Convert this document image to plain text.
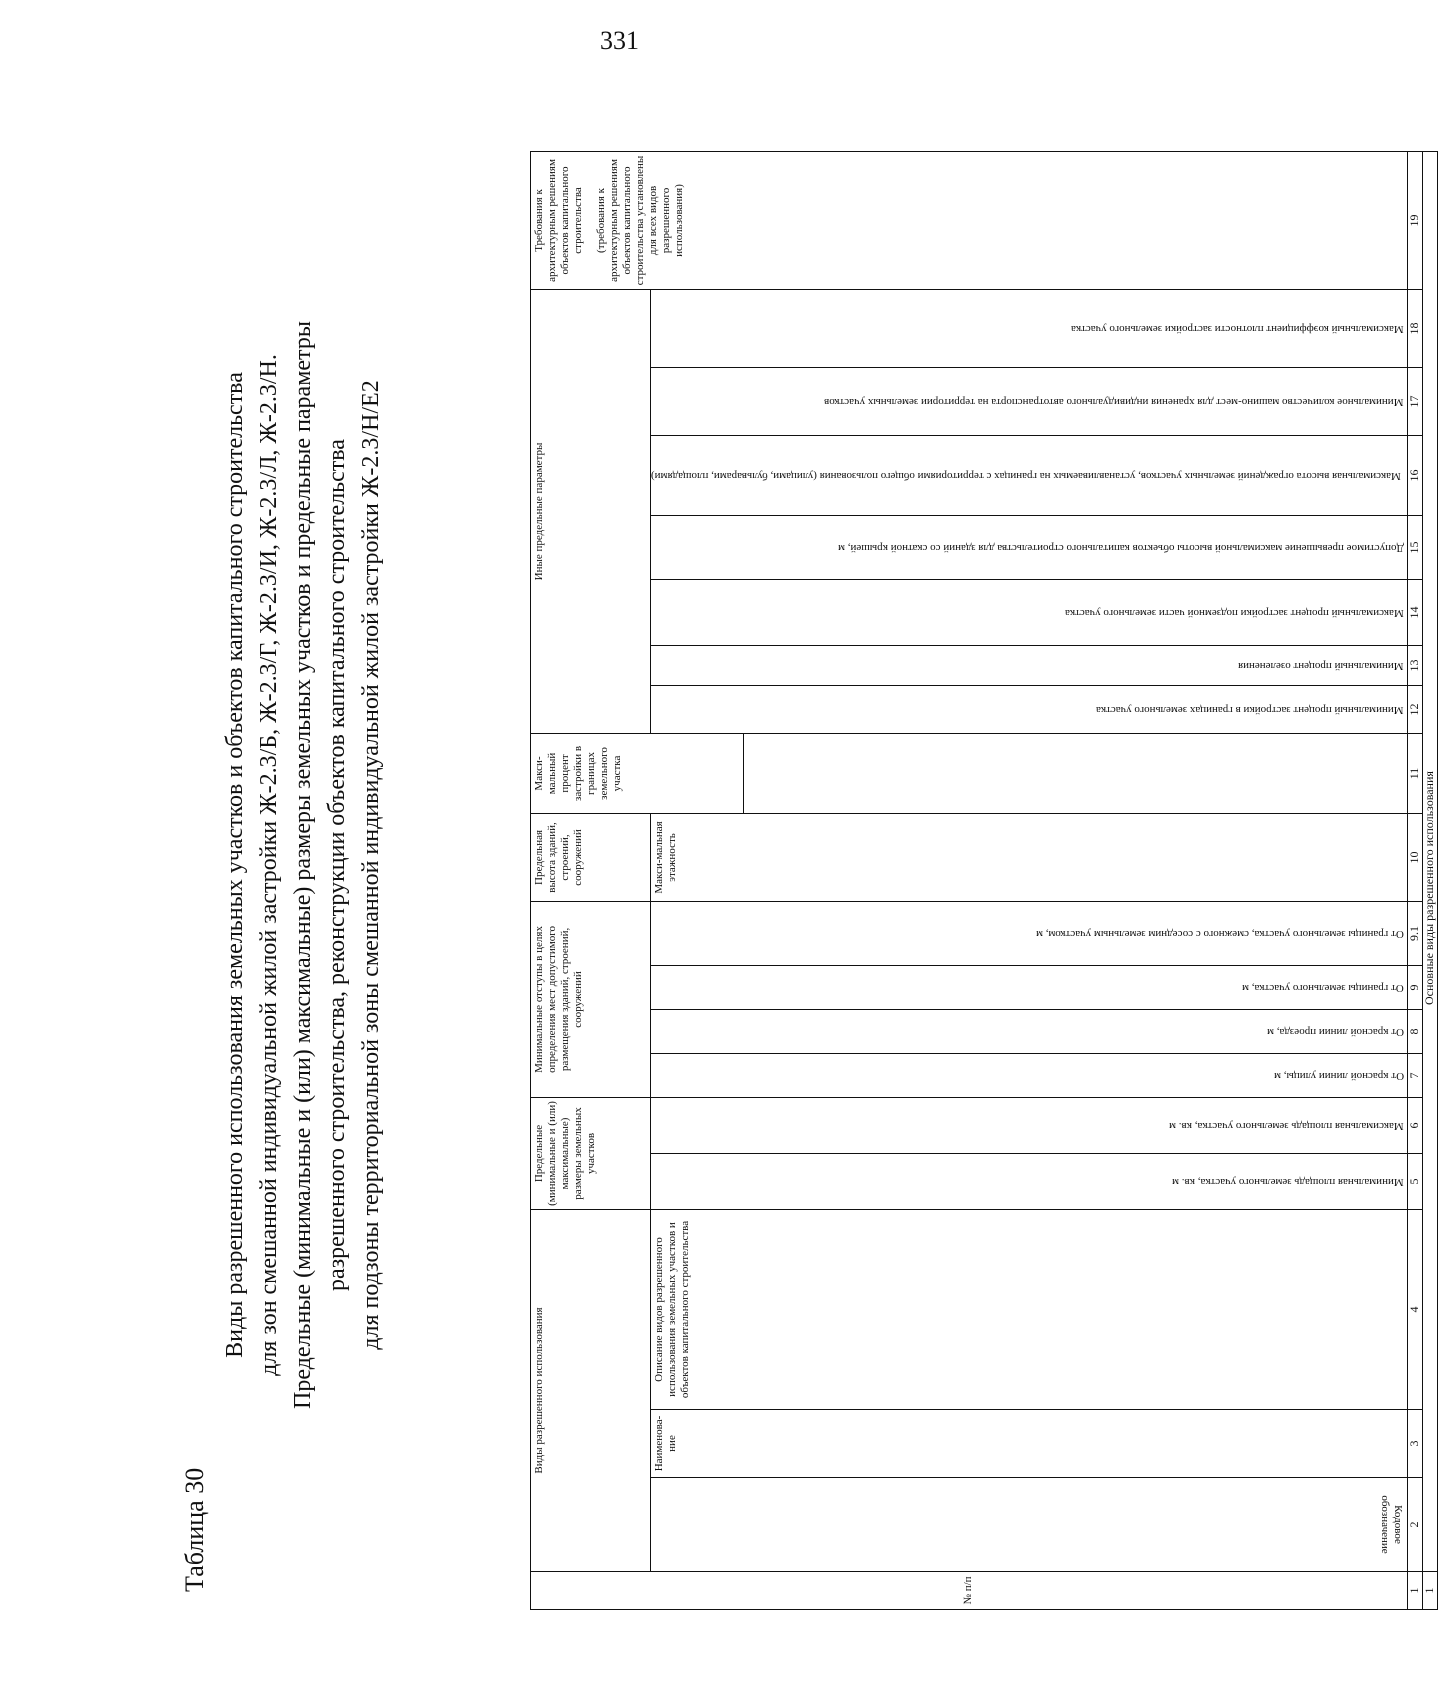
331
Таблица 30
Виды разрешенного использования земельных участков и объектов капитального строительства для зон смешанной индивидуальной жилой застройки Ж-2.3/Б, Ж-2.3/Г, Ж-2.3/И, Ж-2.3/Л, Ж-2.3/Н. Предельные (минимальные и (или) максимальные) размеры земельных участков и предельные параметры разрешенного строительства, реконструкции объектов капитального строительства для подзоны территориальной зоны смешанной индивидуальной жилой застройки Ж-2.3/Н/Е2
№ п/п	Виды разрешенного использования			Предельные (минимальные и (или) максимальные) размеры земельных участков		Минимальные отступы в целях определения мест допустимого размещения зданий, строений, сооружений				Предельная высота зданий, строений, сооружений	Макси-мальный процент застройки в границах земельного участка	Иные предельные параметры							Требования к архитектурным решениям объектов капитального строительства (требования к архитектурным решениям объектов капитального строительства установлены для всех видов разрешенного использования)

	Кодовое обозначение	Наименова-ние	Описание видов разрешенного использования земельных участков и объектов капитального строительства	Минимальная площадь земельного участка, кв. м	Максимальная площадь земельного участка, кв. м	От красной линии улицы, м	От красной линии проезда, м	От границы земельного участка, м	От границы земельного участка, смежного с соседним земельным участком, м	Макси-мальная этажность		Минимальный процент застройки в границах земельного участка	Минимальный процент озеленения	Максимальный процент застройки подземной части земельного участка	Допустимое превышение максимальной высоты объектов капитального строительства для зданий со скатной крышей, м	Максимальная высота ограждений земельных участков, устанавливаемых на границах с территориями общего пользования (улицами, бульварами, площадями)	Минимальное количество машино-мест для хранения индивидуального автотранспорта на территории земельных участков	Максимальный коэффициент плотности застройки земельного участка	

1	2	3	4	5	6	7	8	9	9.1	10	11	12	13	14	15	16	17	18	19
1	Основные виды разрешенного использования																		
